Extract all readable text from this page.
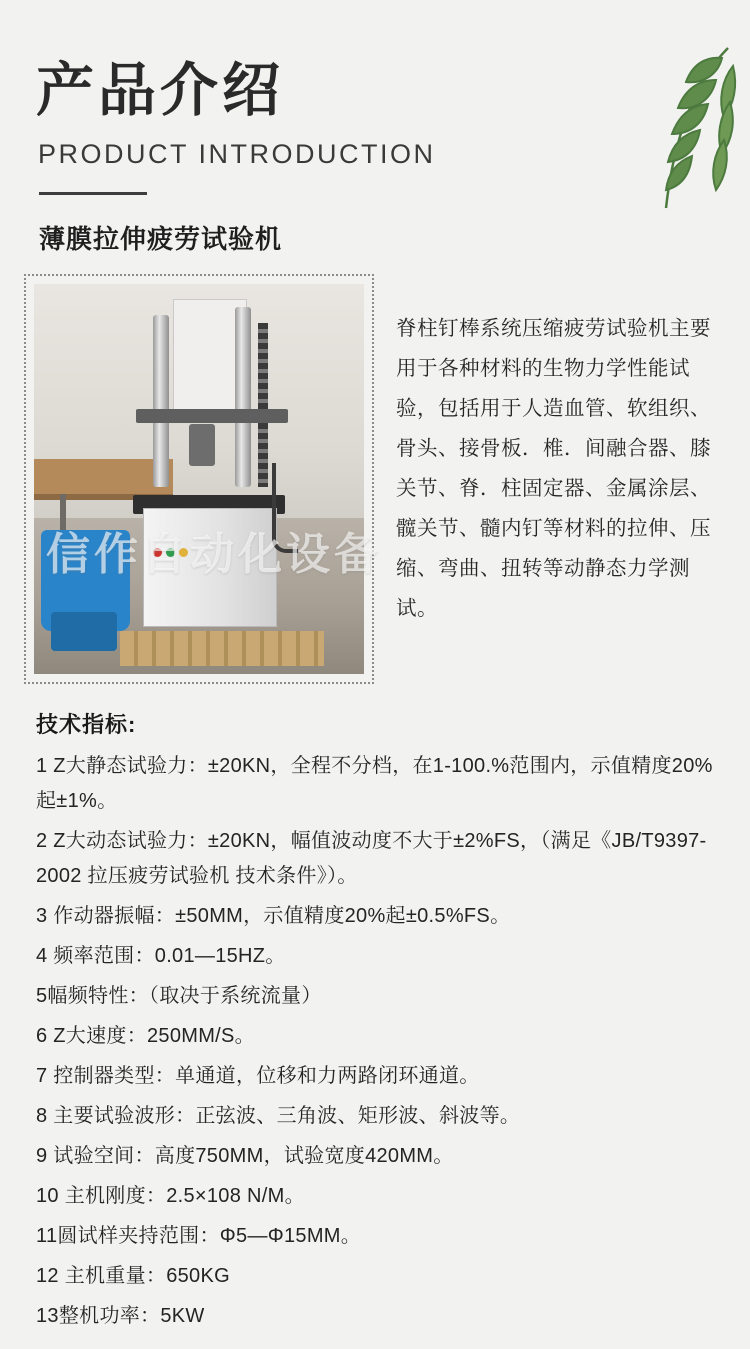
产品介绍
PRODUCT INTRODUCTION
薄膜拉伸疲劳试验机
脊柱钉棒系统压缩疲劳试验机主要用于各种材料的生物力学性能试验，包括用于人造血管、软组织、骨头、接骨板．椎．间融合器、膝关节、脊．柱固定器、金属涂层、髋关节、髓内钉等材料的拉伸、压缩、弯曲、扭转等动静态力学测试。
信作自动化设备
技术指标:
1 Z大静态试验力：±20KN，全程不分档，在1-100.%范围内，示值精度20%起±1%。
2 Z大动态试验力：±20KN，幅值波动度不大于±2%FS，（满足《JB/T9397-2002 拉压疲劳试验机 技术条件》）。
3 作动器振幅：±50MM，示值精度20%起±0.5%FS。
4 频率范围：0.01—15HZ。
5幅频特性：（取决于系统流量）
6 Z大速度：250MM/S。
7 控制器类型：单通道，位移和力两路闭环通道。
8 主要试验波形：正弦波、三角波、矩形波、斜波等。
9 试验空间：高度750MM，试验宽度420MM。
10 主机刚度：2.5×108 N/M。
11圆试样夹持范围：Φ5—Φ15MM。
12 主机重量：650KG
13整机功率：5KW
